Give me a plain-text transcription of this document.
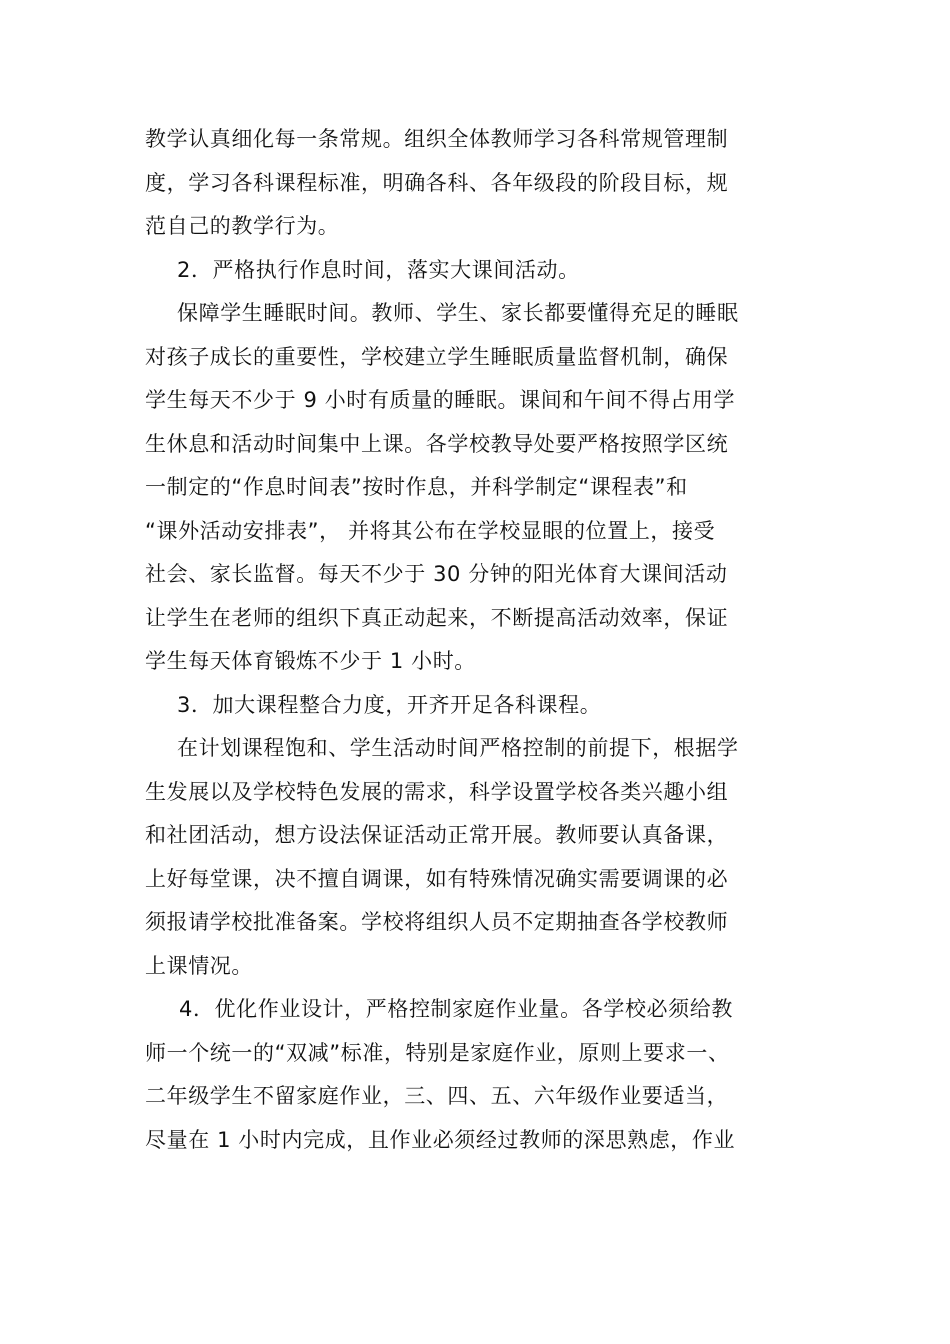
教学认真细化每一条常规。组织全体教师学习各科常规管理制
度，学习各科课程标准，明确各科、各年级段的阶段目标，规
范自己的教学行为。
2．严格执行作息时间，落实大课间活动。
保障学生睡眠时间。教师、学生、家长都要懂得充足的睡眠
对孩子成长的重要性，学校建立学生睡眠质量监督机制，确保
学生每天不少于 9 小时有质量的睡眠。课间和午间不得占用学
生休息和活动时间集中上课。各学校教导处要严格按照学区统
一制定的“作息时间表”按时作息，并科学制定“课程表”和
“课外活动安排表”， 并将其公布在学校显眼的位置上，接受
社会、家长监督。每天不少于 30 分钟的阳光体育大课间活动
让学生在老师的组织下真正动起来，不断提高活动效率，保证
学生每天体育锻炼不少于 1 小时。
3．加大课程整合力度，开齐开足各科课程。
在计划课程饱和、学生活动时间严格控制的前提下，根据学
生发展以及学校特色发展的需求，科学设置学校各类兴趣小组
和社团活动，想方设法保证活动正常开展。教师要认真备课，
上好每堂课，决不擅自调课，如有特殊情况确实需要调课的必
须报请学校批准备案。学校将组织人员不定期抽查各学校教师
上课情况。
4．优化作业设计，严格控制家庭作业量。各学校必须给教
师一个统一的“双减”标准，特别是家庭作业，原则上要求一、
二年级学生不留家庭作业，三、四、五、六年级作业要适当，
尽量在 1 小时内完成，且作业必须经过教师的深思熟虑，作业
